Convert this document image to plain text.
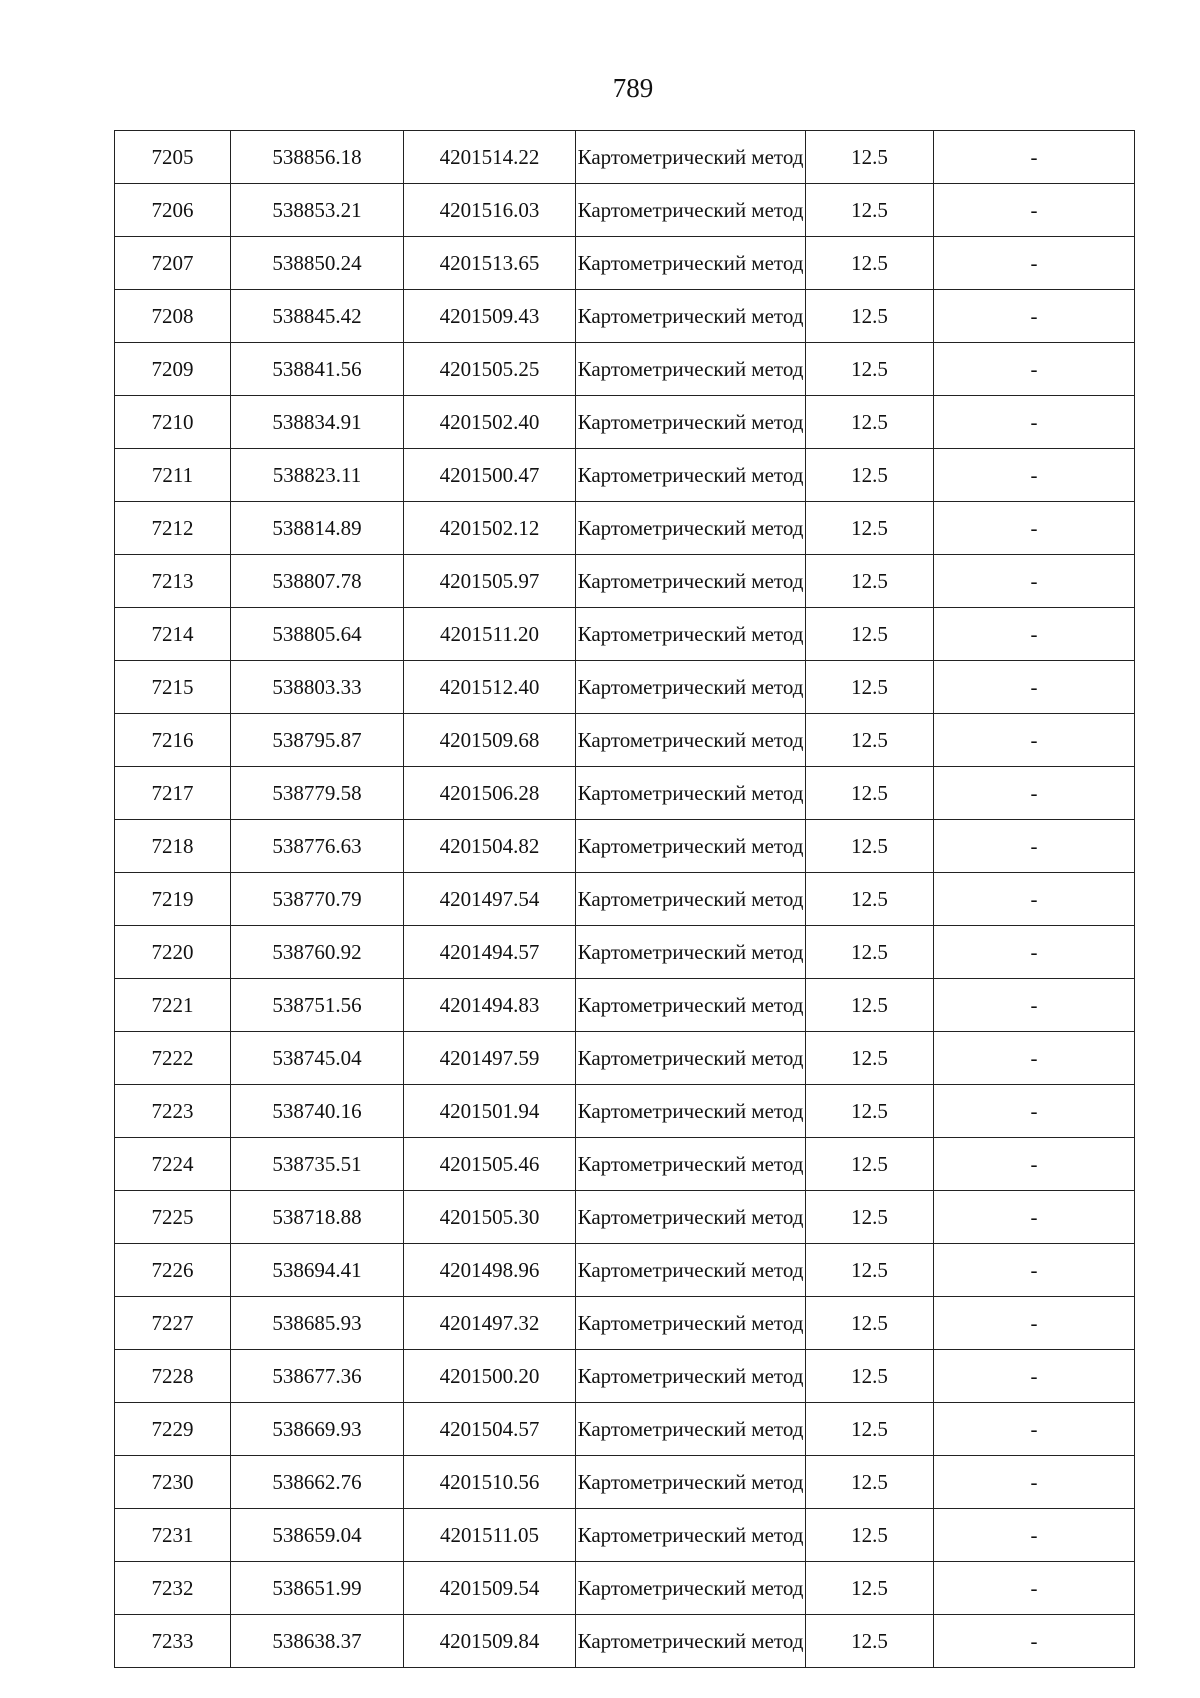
789
7205	538856.18	4201514.22	Картометрический метод	12.5	-
7206	538853.21	4201516.03	Картометрический метод	12.5	-
7207	538850.24	4201513.65	Картометрический метод	12.5	-
7208	538845.42	4201509.43	Картометрический метод	12.5	-
7209	538841.56	4201505.25	Картометрический метод	12.5	-
7210	538834.91	4201502.40	Картометрический метод	12.5	-
7211	538823.11	4201500.47	Картометрический метод	12.5	-
7212	538814.89	4201502.12	Картометрический метод	12.5	-
7213	538807.78	4201505.97	Картометрический метод	12.5	-
7214	538805.64	4201511.20	Картометрический метод	12.5	-
7215	538803.33	4201512.40	Картометрический метод	12.5	-
7216	538795.87	4201509.68	Картометрический метод	12.5	-
7217	538779.58	4201506.28	Картометрический метод	12.5	-
7218	538776.63	4201504.82	Картометрический метод	12.5	-
7219	538770.79	4201497.54	Картометрический метод	12.5	-
7220	538760.92	4201494.57	Картометрический метод	12.5	-
7221	538751.56	4201494.83	Картометрический метод	12.5	-
7222	538745.04	4201497.59	Картометрический метод	12.5	-
7223	538740.16	4201501.94	Картометрический метод	12.5	-
7224	538735.51	4201505.46	Картометрический метод	12.5	-
7225	538718.88	4201505.30	Картометрический метод	12.5	-
7226	538694.41	4201498.96	Картометрический метод	12.5	-
7227	538685.93	4201497.32	Картометрический метод	12.5	-
7228	538677.36	4201500.20	Картометрический метод	12.5	-
7229	538669.93	4201504.57	Картометрический метод	12.5	-
7230	538662.76	4201510.56	Картометрический метод	12.5	-
7231	538659.04	4201511.05	Картометрический метод	12.5	-
7232	538651.99	4201509.54	Картометрический метод	12.5	-
7233	538638.37	4201509.84	Картометрический метод	12.5	-
